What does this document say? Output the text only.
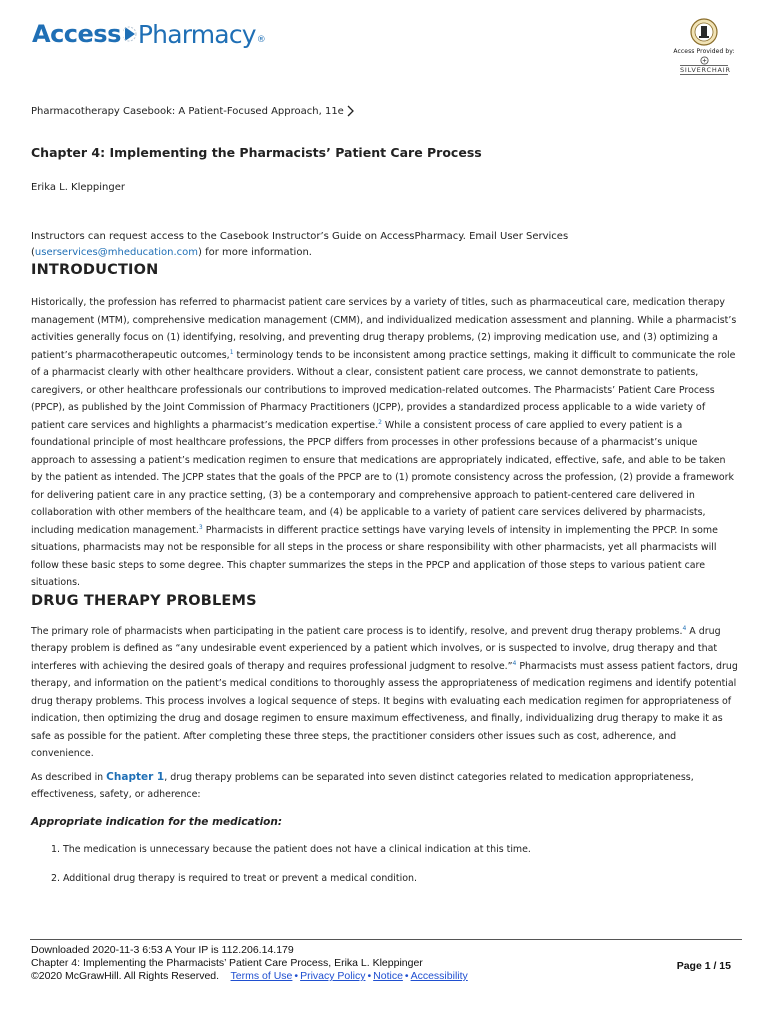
Access Pharmacy ®
Access Provided by:
SILVERCHAIR
Pharmacotherapy Casebook: A Patient-Focused Approach, 11e
Chapter 4: Implementing the Pharmacists’ Patient Care Process
Erika L. Kleppinger
Instructors can request access to the Casebook Instructor’s Guide on AccessPharmacy. Email User Services (userservices@mheducation.com) for more information.
INTRODUCTION

Historically, the profession has referred to pharmacist patient care services by a variety of titles, such as pharmaceutical care, medication therapy management (MTM), comprehensive medication management (CMM), and individualized medication assessment and planning. While a pharmacist’s activities generally focus on (1) identifying, resolving, and preventing drug therapy problems, (2) improving medication use, and (3) optimizing a patient’s pharmacotherapeutic outcomes,$^1$ terminology tends to be inconsistent among practice settings, making it difficult to communicate the role of a pharmacist clearly with other healthcare providers. Without a clear, consistent patient care process, we cannot demonstrate to patients, caregivers, or other healthcare professionals our contributions to improved medication-related outcomes. The Pharmacists’ Patient Care Process (PPCP), as published by the Joint Commission of Pharmacy Practitioners (JCPP), provides a standardized process applicable to a wide variety of patient care services and highlights a pharmacist’s medication expertise.$^2$ While a consistent process of care applied to every patient is a foundational principle of most healthcare professions, the PPCP differs from processes in other professions because of a pharmacist’s unique approach to assessing a patient’s medication regimen to ensure that medications are appropriately indicated, effective, safe, and able to be taken by the patient as intended. The JCPP states that the goals of the PPCP are to (1) promote consistency across the profession, (2) provide a framework for delivering patient care in any practice setting, (3) be a contemporary and comprehensive approach to patient-centered care delivered in collaboration with other members of the healthcare team, and (4) be applicable to a variety of patient care services delivered by pharmacists, including medication management.$^3$ Pharmacists in different practice settings have varying levels of intensity in implementing the PPCP. In some situations, pharmacists may not be responsible for all steps in the process or share responsibility with other pharmacists, yet all pharmacists will follow these basic steps to some degree. This chapter summarizes the steps in the PPCP and application of those steps to various patient care situations.

DRUG THERAPY PROBLEMS

The primary role of pharmacists when participating in the patient care process is to identify, resolve, and prevent drug therapy problems.$^4$ A drug therapy problem is defined as “any undesirable event experienced by a patient which involves, or is suspected to involve, drug therapy and that interferes with achieving the desired goals of therapy and requires professional judgment to resolve.”$^4$ Pharmacists must assess patient factors, drug therapy, and information on the patient’s medical conditions to thoroughly assess the appropriateness of medication regimens and identify potential drug therapy problems. This process involves a logical sequence of steps. It begins with evaluating each medication regimen for appropriateness of indication, then optimizing the drug and dosage regimen to ensure maximum effectiveness, and finally, individualizing drug therapy to make it as safe as possible for the patient. After completing these three steps, the practitioner considers other issues such as cost, adherence, and convenience.

As described in Chapter 1, drug therapy problems can be separated into seven distinct categories related to medication appropriateness, effectiveness, safety, or adherence:

Appropriate indication for the medication:
1. The medication is unnecessary because the patient does not have a clinical indication at this time.
2. Additional drug therapy is required to treat or prevent a medical condition.
Downloaded 2020-11-3 6:53 A Your IP is 112.206.14.179
Chapter 4: Implementing the Pharmacists’ Patient Care Process, Erika L. Kleppinger
©2020 McGrawHill. All Rights Reserved. Terms of Use • Privacy Policy • Notice • Accessibility
Page 1 / 15
